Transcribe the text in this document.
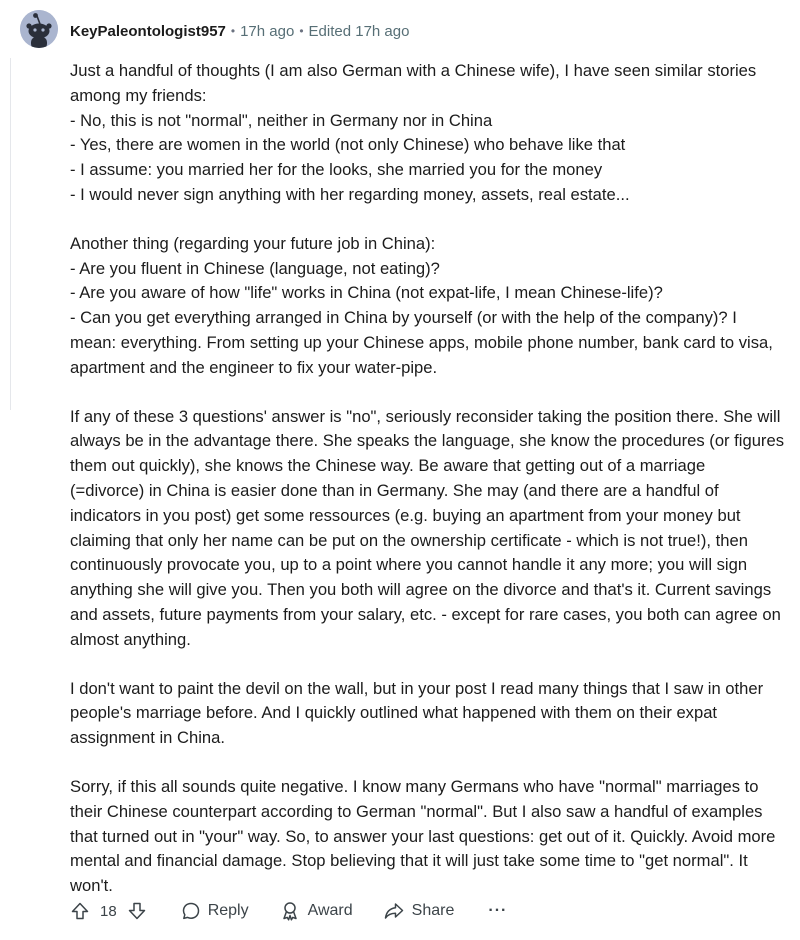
KeyPaleontologist957 • 17h ago • Edited 17h ago

Just a handful of thoughts (I am also German with a Chinese wife), I have seen similar stories among my friends:
- No, this is not "normal", neither in Germany nor in China
- Yes, there are women in the world (not only Chinese) who behave like that
- I assume: you married her for the looks, she married you for the money
- I would never sign anything with her regarding money, assets, real estate...

Another thing (regarding your future job in China):
- Are you fluent in Chinese (language, not eating)?
- Are you aware of how "life" works in China (not expat-life, I mean Chinese-life)?
- Can you get everything arranged in China by yourself (or with the help of the company)? I mean: everything. From setting up your Chinese apps, mobile phone number, bank card to visa, apartment and the engineer to fix your water-pipe.

If any of these 3 questions' answer is "no", seriously reconsider taking the position there. She will always be in the advantage there. She speaks the language, she know the procedures (or figures them out quickly), she knows the Chinese way. Be aware that getting out of a marriage (=divorce) in China is easier done than in Germany. She may (and there are a handful of indicators in you post) get some ressources (e.g. buying an apartment from your money but claiming that only her name can be put on the ownership certificate - which is not true!), then continuously provocate you, up to a point where you cannot handle it any more; you will sign anything she will give you. Then you both will agree on the divorce and that's it. Current savings and assets, future payments from your salary, etc. - except for rare cases, you both can agree on almost anything.

I don't want to paint the devil on the wall, but in your post I read many things that I saw in other people's marriage before. And I quickly outlined what happened with them on their expat assignment in China.

Sorry, if this all sounds quite negative. I know many Germans who have "normal" marriages to their Chinese counterpart according to German "normal". But I also saw a handful of examples that turned out in "your" way. So, to answer your last questions: get out of it. Quickly. Avoid more mental and financial damage. Stop believing that it will just take some time to "get normal". It won't.

18	Reply	Award	Share ···
